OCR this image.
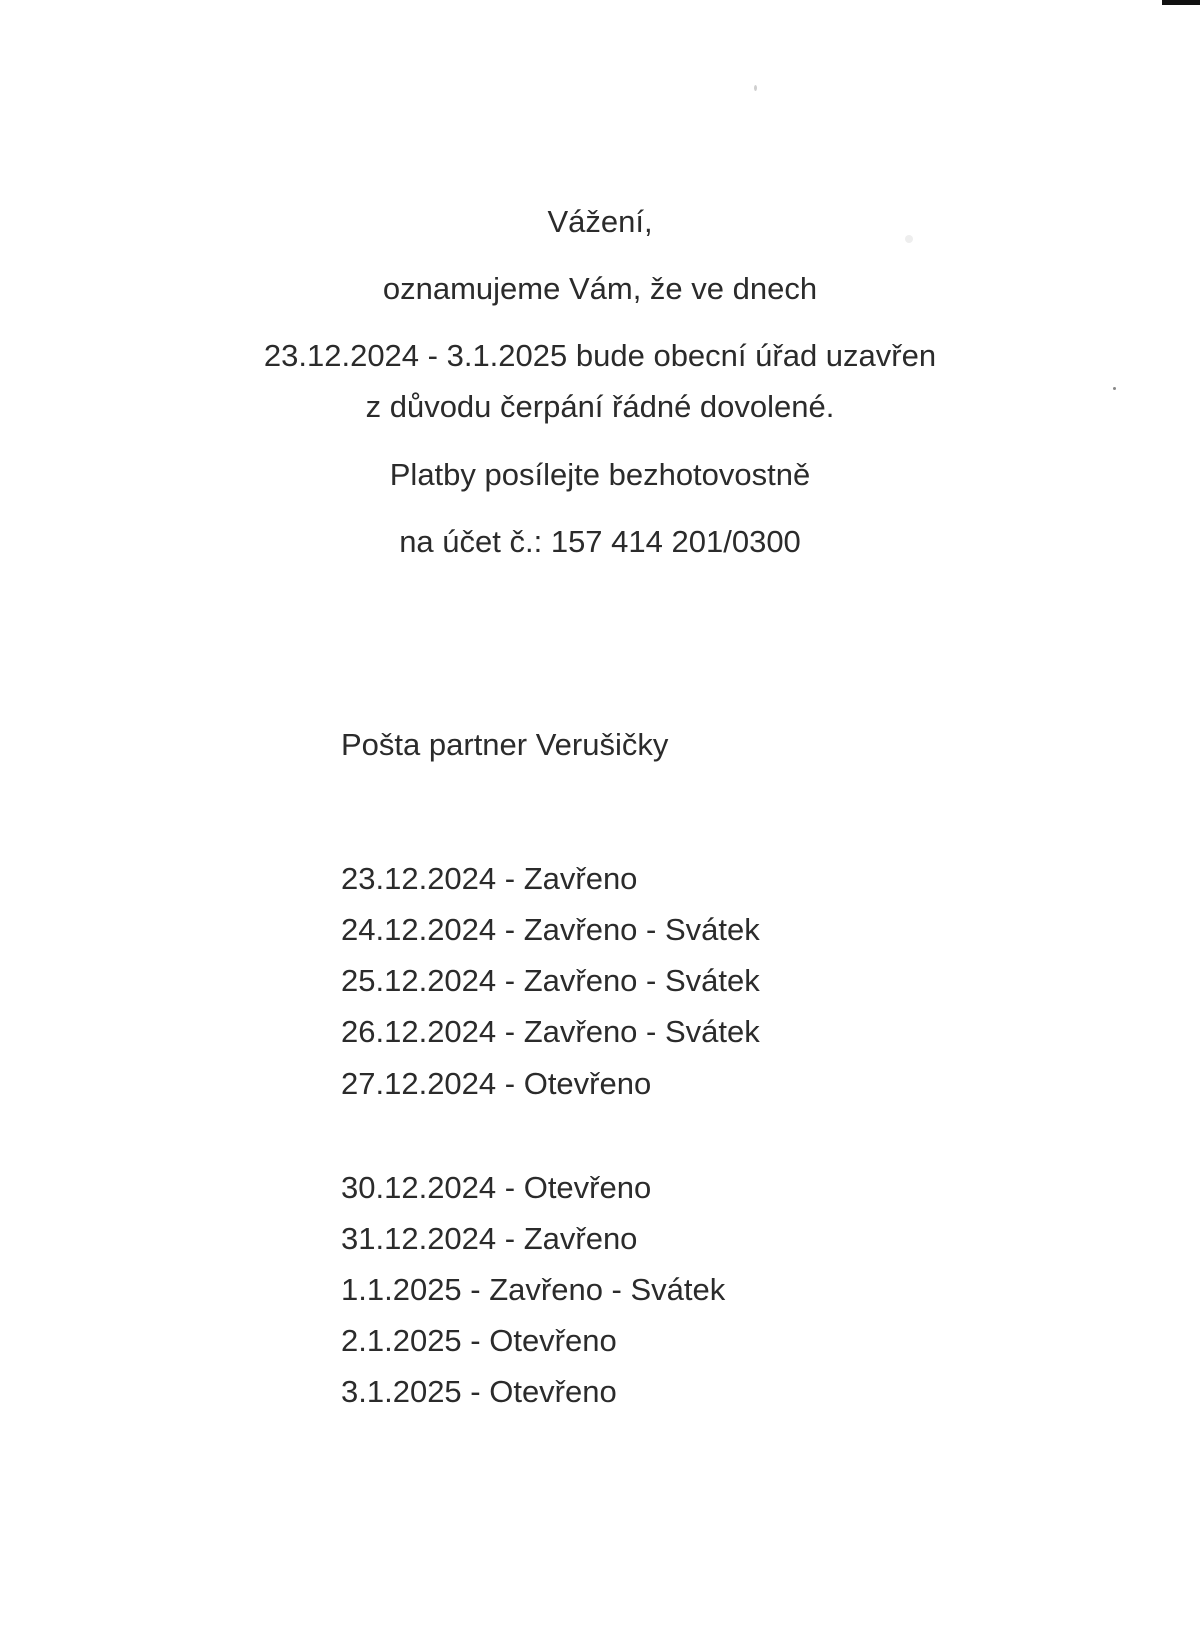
Vážení,
oznamujeme Vám, že ve dnech
23.12.2024 - 3.1.2025 bude obecní úřad uzavřen
z důvodu čerpání řádné dovolené.
Platby posílejte bezhotovostně
na účet č.: 157 414 201/0300
Pošta partner Verušičky
23.12.2024 - Zavřeno
24.12.2024 - Zavřeno - Svátek
25.12.2024 - Zavřeno - Svátek
26.12.2024 - Zavřeno - Svátek
27.12.2024 - Otevřeno
30.12.2024 - Otevřeno
31.12.2024 - Zavřeno
1.1.2025 - Zavřeno - Svátek
2.1.2025 - Otevřeno
3.1.2025 - Otevřeno
